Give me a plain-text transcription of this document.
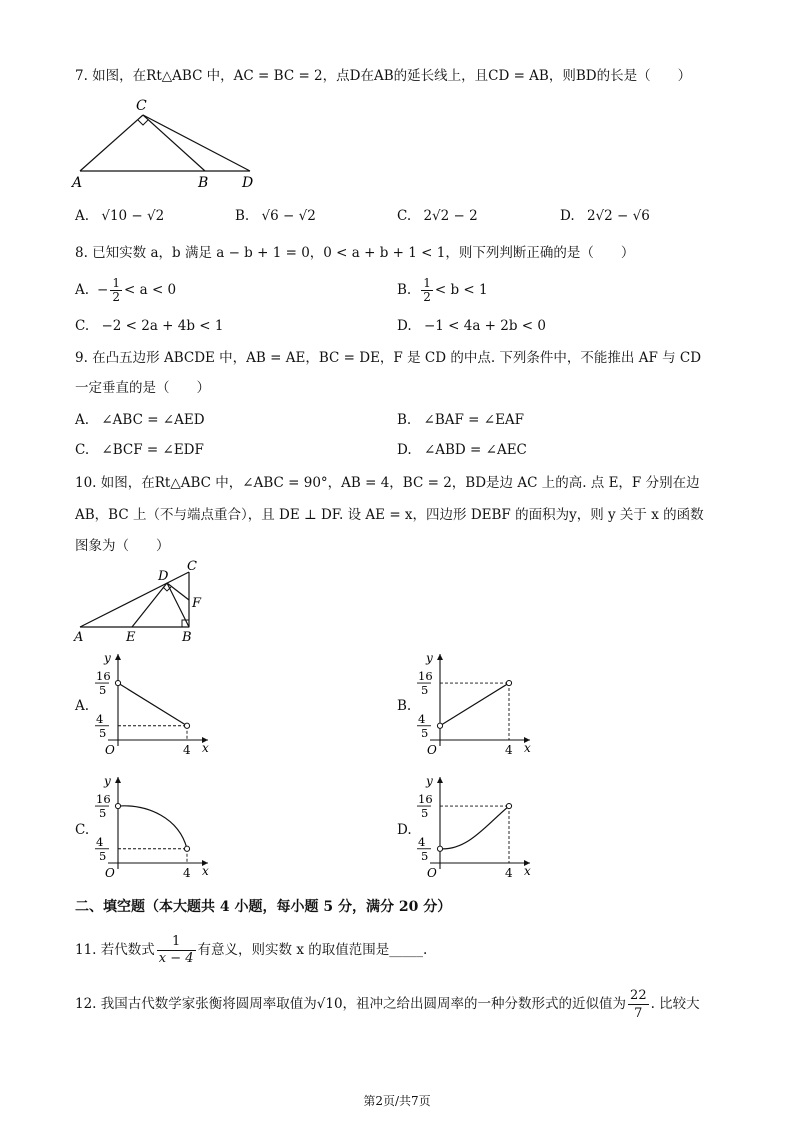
7. 如图，在Rt△ABC 中，AC = BC = 2，点D在AB的延长线上，且CD = AB，则BD的长是（　　）
C
A	B D
A. √10 − √2	B. √6 − √2	C. 2√2 − 2	D. 2√2 − √6
8. 已知实数 a，b 满足 a − b + 1 = 0，0 < a + b + 1 < 1，则下列判断正确的是（　　）
A. − $\frac{1}{2} < a < 0$	B. $\frac{1}{2} < b < 1$
C. −2 < 2a + 4b < 1	D. −1 < 4a + 2b < 0
9. 在凸五边形 ABCDE 中，AB = AE，BC = DE，F 是 CD 的中点. 下列条件中，不能推出 AF 与 CD
一定垂直的是（　　）
A. ∠ABC = ∠AED	B. ∠BAF = ∠EAF
C. ∠BCF = ∠EDF	D. ∠ABD = ∠AEC
10. 如图，在Rt△ABC 中，∠ABC = 90°，AB = 4，BC = 2，BD是边 AC 上的高. 点 E，F 分别在边
AB，BC 上（不与端点重合），且 DE ⊥ DF. 设 AE = x，四边形 DEBF 的面积为y，则 y 关于 x 的函数
图象为（　　）
C
D
F
A	E	B
A.	B.
C.	D.
x
y
O	4
16
5
4
5
x
y
O	4
16
5
4
5
x
y
O	4
16
5
4
5
x
y
O	4
16
5
4
5
二、填空题（本大题共 4 小题，每小题 5 分，满分 20 分）
11. 若代数式 $\frac{1}{x - 4}$ 有意义，则实数 x 的取值范围是_____.
12. 我国古代数学家张衡将圆周率取值为√10，祖冲之给出圆周率的一种分数形式的近似值为 $\frac{22}{7}$ . 比较大
第2页/共7页
